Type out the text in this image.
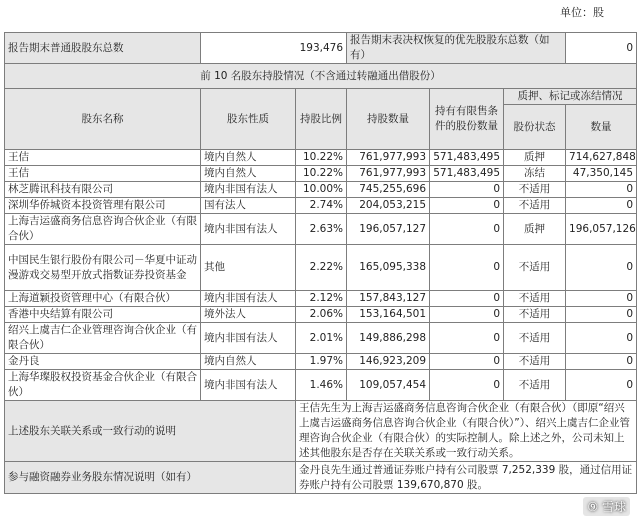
单位：股
报告期末普通股股东总数	193,476		报告期末表决权恢复的优先股股东总数（如有）			0
前 10 名股东持股情况（不含通过转融通出借股份）						
股东名称	股东性质	持股比例	持股数量	持有有限售条件的股份数量	质押、标记或冻结情况	
					股份状态	数量
王佶	境内自然人	10.22%	761,977,993	571,483,495	质押	714,627,848
王佶	境内自然人	10.22%	761,977,993	571,483,495	冻结	47,350,145
林芝腾讯科技有限公司	境内非国有法人	10.00%	745,255,696	0	不适用	0
深圳华侨城资本投资管理有限公司	国有法人	2.74%	204,053,215	0	不适用	0
上海吉运盛商务信息咨询合伙企业（有限合伙）	境内非国有法人	2.63%	196,057,127	0	质押	196,057,126
中国民生银行股份有限公司－华夏中证动漫游戏交易型开放式指数证券投资基金	其他	2.22%	165,095,338	0	不适用	0
上海道颖投资管理中心（有限合伙）	境内非国有法人	2.12%	157,843,127	0	不适用	0
香港中央结算有限公司	境外法人	2.06%	153,164,501	0	不适用	0
绍兴上虞吉仁企业管理咨询合伙企业（有限合伙）	境内非国有法人	2.01%	149,886,298	0	不适用	0
金丹良	境内自然人	1.97%	146,923,209	0	不适用	0
上海华璨股权投资基金合伙企业（有限合伙）	境内非国有法人	1.46%	109,057,454	0	不适用	0
上述股东关联关系或一致行动的说明		王佶先生为上海吉运盛商务信息咨询合伙企业（有限合伙）（即原“绍兴上虞吉运盛商务信息咨询合伙企业（有限合伙）”）、绍兴上虞吉仁企业管理咨询合伙企业（有限合伙）的实际控制人。除上述之外，公司未知上述其他股东是否存在关联关系或一致行动关系。				
参与融资融券业务股东情况说明（如有）		金丹良先生通过普通证券账户持有公司股票 7,252,339 股，通过信用证券账户持有公司股票 139,670,870 股。				
⑨ 雪球
